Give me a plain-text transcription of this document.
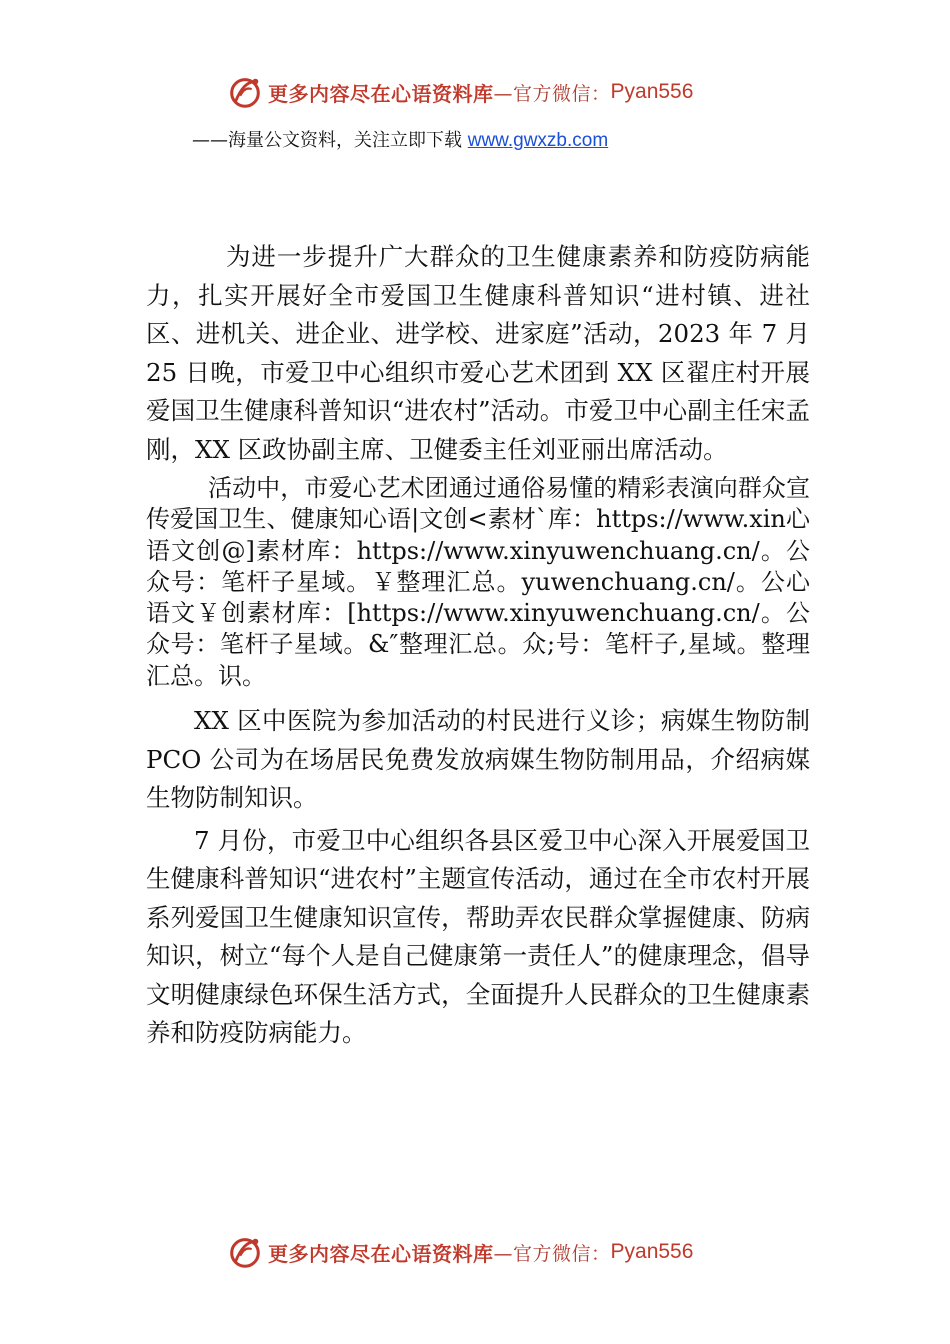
更多内容尽在心语资料库 —官方微信： Pyan556
——海量公文资料，关注立即下载 www.gwxzb.com

为进一步提升广大群众的卫生健康素养和防疫防病能力，扎实开展好全市爱国卫生健康科普知识“进村镇、进社区、进机关、进企业、进学校、进家庭”活动，2023 年 7 月 25 日晚，市爱卫中心组织市爱心艺术团到 XX 区翟庄村开展爱国卫生健康科普知识“进农村”活动。市爱卫中心副主任宋孟刚，XX 区政协副主席、卫健委主任刘亚丽出席活动。

活动中，市爱心艺术团通过通俗易懂的精彩表演向群众宣传爱国卫生、健康知心语|文创<素材`库：https://www.xin心语文创@]素材库：https://www.xinyuwenchuang.cn/。公众号：笔杆子星域。￥整理汇总。yuwenchuang.cn/。公心语文￥创素材库：[https://www.xinyuwenchuang.cn/。公众号：笔杆子星域。&″整理汇总。众;号：笔杆子,星域。整理汇总。识。

XX 区中医院为参加活动的村民进行义诊；病媒生物防制 PCO 公司为在场居民免费发放病媒生物防制用品，介绍病媒生物防制知识。

7 月份，市爱卫中心组织各县区爱卫中心深入开展爱国卫生健康科普知识“进农村”主题宣传活动，通过在全市农村开展系列爱国卫生健康知识宣传，帮助弄农民群众掌握健康、防病知识，树立“每个人是自己健康第一责任人”的健康理念，倡导文明健康绿色环保生活方式，全面提升人民群众的卫生健康素养和防疫防病能力。

更多内容尽在心语资料库 —官方微信： Pyan556
